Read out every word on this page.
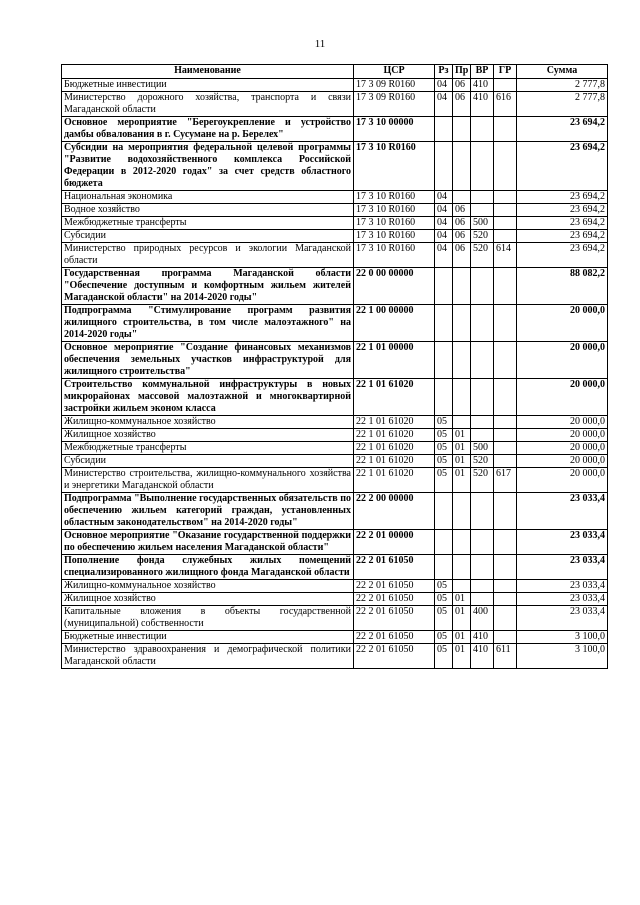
11
Наименование	ЦСР	Рз	Пр	ВР	ГР	Сумма
Бюджетные инвестиции	17 3 09 R0160	04	06	410		2 777,8
Министерство дорожного хозяйства, транспорта и связи Магаданской области	17 3 09 R0160	04	06	410	616	2 777,8
Основное мероприятие "Берегоукрепление и устройство дамбы обвалования в г. Сусумане на р. Берелех"	17 3 10 00000					23 694,2
Субсидии на мероприятия федеральной целевой программы "Развитие водохозяйственного комплекса Российской Федерации в 2012-2020 годах" за счет средств областного бюджета	17 3 10 R0160					23 694,2
Национальная экономика	17 3 10 R0160	04				23 694,2
Водное хозяйство	17 3 10 R0160	04	06			23 694,2
Межбюджетные трансферты	17 3 10 R0160	04	06	500		23 694,2
Субсидии	17 3 10 R0160	04	06	520		23 694,2
Министерство природных ресурсов и экологии Магаданской области	17 3 10 R0160	04	06	520	614	23 694,2
Государственная программа Магаданской области "Обеспечение доступным и комфортным жильем жителей Магаданской области" на 2014-2020 годы"	22 0 00 00000					88 082,2
Подпрограмма "Стимулирование программ развития жилищного строительства, в том числе малоэтажного" на 2014-2020 годы"	22 1 00 00000					20 000,0
Основное мероприятие "Создание финансовых механизмов обеспечения земельных участков инфраструктурой для жилищного строительства"	22 1 01 00000					20 000,0
Строительство коммунальной инфраструктуры в новых микрорайонах массовой малоэтажной и многоквартирной застройки жильем эконом класса	22 1 01 61020					20 000,0
Жилищно-коммунальное хозяйство	22 1 01 61020	05				20 000,0
Жилищное хозяйство	22 1 01 61020	05	01			20 000,0
Межбюджетные трансферты	22 1 01 61020	05	01	500		20 000,0
Субсидии	22 1 01 61020	05	01	520		20 000,0
Министерство строительства, жилищно-коммунального хозяйства и энергетики Магаданской области	22 1 01 61020	05	01	520	617	20 000,0
Подпрограмма "Выполнение государственных обязательств по обеспечению жильем категорий граждан, установленных областным законодательством" на 2014-2020 годы"	22 2 00 00000					23 033,4
Основное мероприятие "Оказание государственной поддержки по обеспечению жильем населения Магаданской области"	22 2 01 00000					23 033,4
Пополнение фонда служебных жилых помещений специализированного жилищного фонда Магаданской области	22 2 01 61050					23 033,4
Жилищно-коммунальное хозяйство	22 2 01 61050	05				23 033,4
Жилищное хозяйство	22 2 01 61050	05	01			23 033,4
Капитальные вложения в объекты государственной (муниципальной) собственности	22 2 01 61050	05	01	400		23 033,4
Бюджетные инвестиции	22 2 01 61050	05	01	410		3 100,0
Министерство здравоохранения и демографической политики Магаданской области	22 2 01 61050	05	01	410	611	3 100,0
